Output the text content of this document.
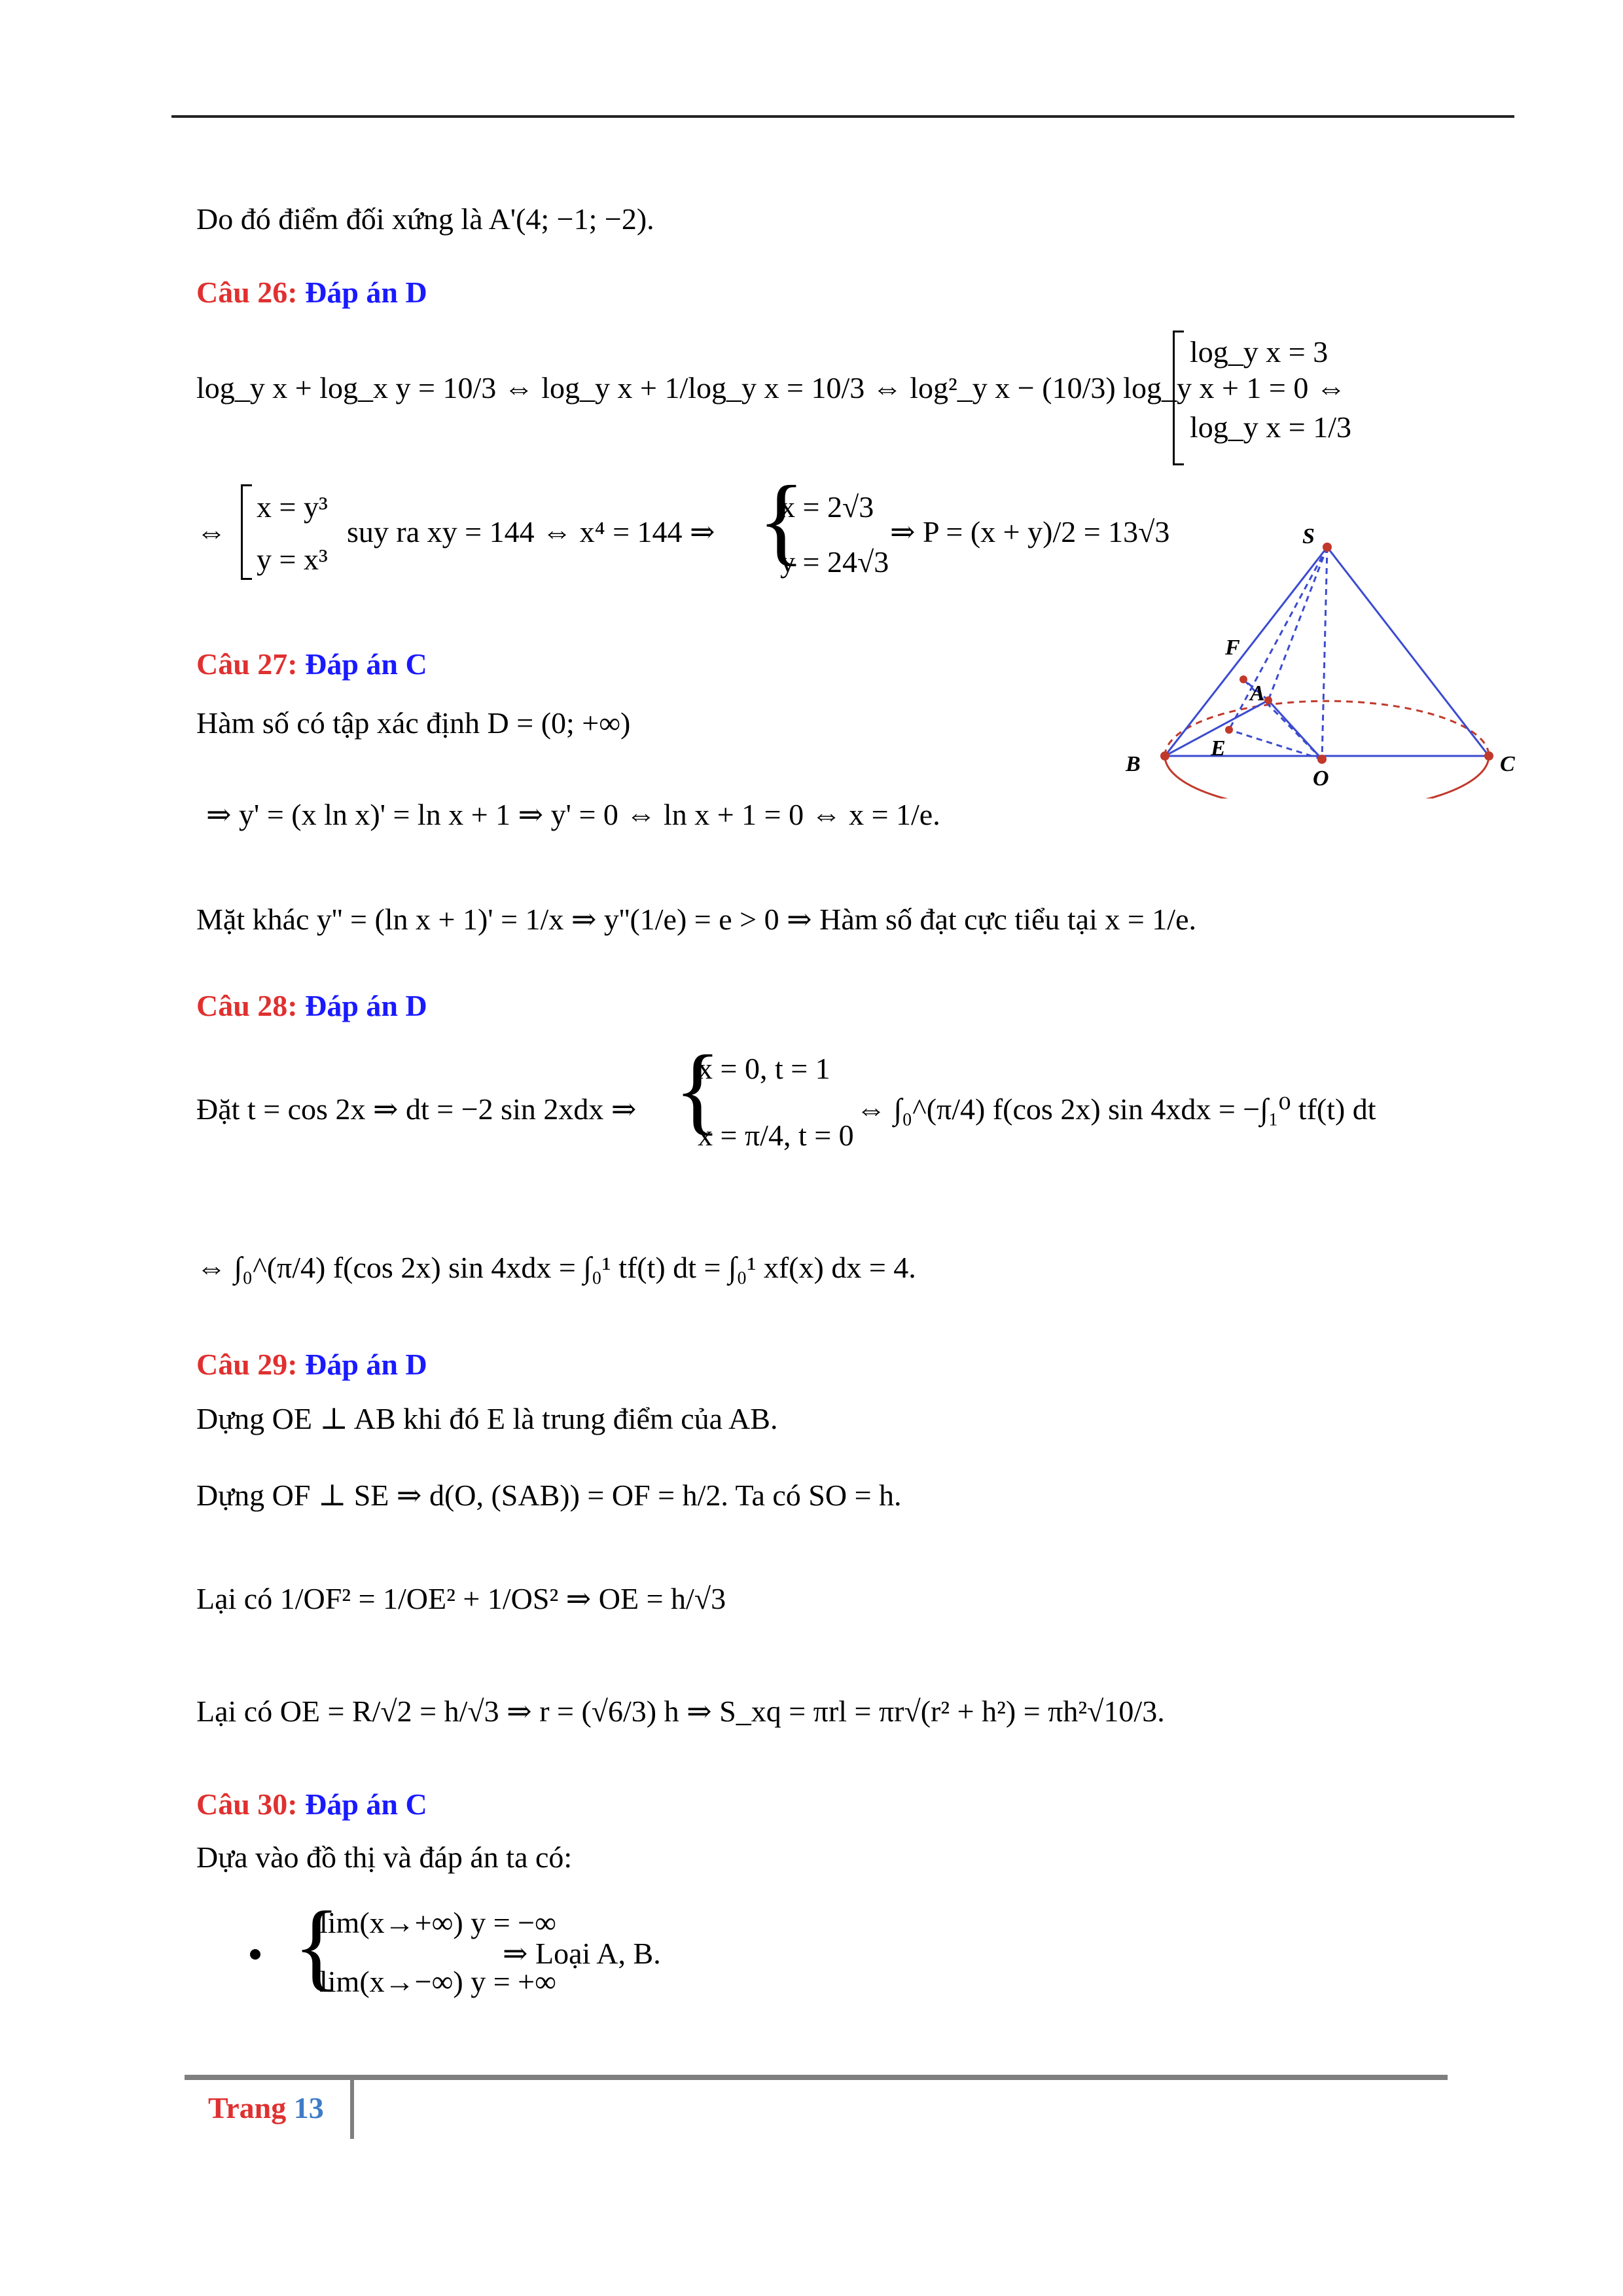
Do đó điểm đối xứng là A'(4; −1; −2).
Câu 26: Đáp án D
log_y x + log_x y = 10/3 ⇔ log_y x + 1/log_y x = 10/3 ⇔ log²_y x − (10/3) log_y x + 1 = 0 ⇔
log_y x = 3
log_y x = 1/3
⇔
x = y³
y = x³
suy ra xy = 144 ⇔ x⁴ = 144 ⇒ {
x = 2√3
y = 24√3
⇒ P = (x + y)/2 = 13√3	S
F
A
E
B
O
C
Câu 27: Đáp án C
Hàm số có tập xác định D = (0; +∞)
⇒ y' = (x ln x)' = ln x + 1 ⇒ y' = 0 ⇔ ln x + 1 = 0 ⇔ x = 1/e.
Mặt khác y'' = (ln x + 1)' = 1/x ⇒ y''(1/e) = e > 0 ⇒ Hàm số đạt cực tiểu tại x = 1/e.
Câu 28: Đáp án D
Đặt t = cos 2x ⇒ dt = −2 sin 2xdx ⇒ {
x = 0, t = 1
x = π/4, t = 0
⇔ ∫₀^(π/4) f(cos 2x) sin 4xdx = −∫₁⁰ tf(t) dt
⇔ ∫₀^(π/4) f(cos 2x) sin 4xdx = ∫₀¹ tf(t) dt = ∫₀¹ xf(x) dx = 4.
Câu 29: Đáp án D
Dựng OE ⊥ AB khi đó E là trung điểm của AB.
Dựng OF ⊥ SE ⇒ d(O, (SAB)) = OF = h/2. Ta có SO = h.
Lại có 1/OF² = 1/OE² + 1/OS² ⇒ OE = h/√3
Lại có OE = R/√2 = h/√3 ⇒ r = (√6/3) h ⇒ S_xq = πrl = πr√(r² + h²) = πh²√10/3.
Câu 30: Đáp án C
Dựa vào đồ thị và đáp án ta có:
{
lim(x→+∞) y = −∞
lim(x→−∞) y = +∞
⇒ Loại A, B.
Trang 13
